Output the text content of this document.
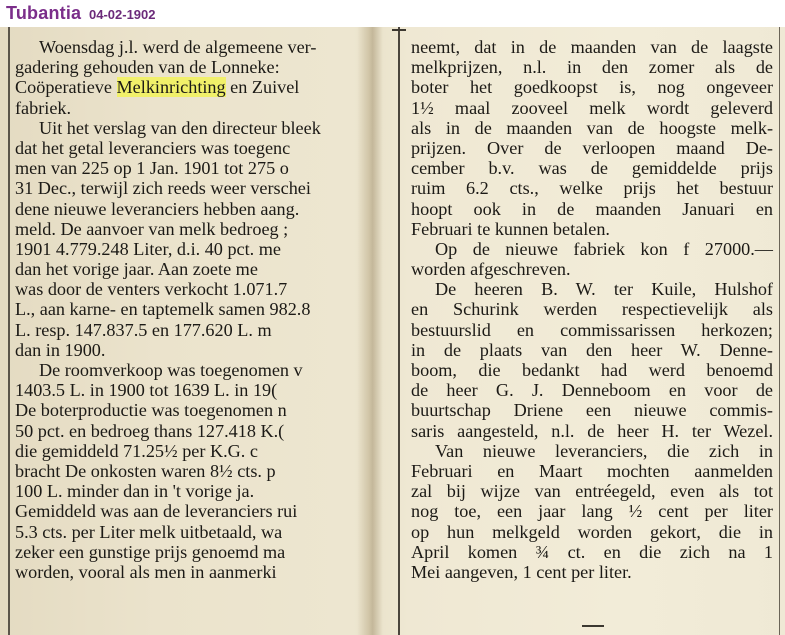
Tubantia 04-02-1902
Woensdag j.l. werd de algemeene ver-
gadering gehouden van de Lonneke:
Coöperatieve Melkinrichting en Zuivel
fabriek.
Uit het verslag van den directeur bleek
dat het getal leveranciers was toegenc
men van 225 op 1 Jan. 1901 tot 275 o
31 Dec., terwijl zich reeds weer verschei
dene nieuwe leveranciers hebben aang.
meld. De aanvoer van melk bedroeg ;
1901 4.779.248 Liter, d.i. 40 pct. me
dan het vorige jaar. Aan zoete me
was door de venters verkocht 1.071.7
L., aan karne- en taptemelk samen 982.8
L. resp. 147.837.5 en 177.620 L. m
dan in 1900.
De roomverkoop was toegenomen v
1403.5 L. in 1900 tot 1639 L. in 19(
De boterproductie was toegenomen n
50 pct. en bedroeg thans 127.418 K.(
die gemiddeld 71.25½ per K.G. c
bracht De onkosten waren 8½ cts. p
100 L. minder dan in 't vorige ja.
Gemiddeld was aan de leveranciers rui
5.3 cts. per Liter melk uitbetaald, wa
zeker een gunstige prijs genoemd ma
worden, vooral als men in aanmerki
neemt, dat in de maanden van de laagste
melkprijzen, n.l. in den zomer als de
boter het goedkoopst is, nog ongeveer
1½ maal zooveel melk wordt geleverd
als in de maanden van de hoogste melk-
prijzen. Over de verloopen maand De-
cember b.v. was de gemiddelde prijs
ruim 6.2 cts., welke prijs het bestuur
hoopt ook in de maanden Januari en
Februari te kunnen betalen.
Op de nieuwe fabriek kon f 27000.—
worden afgeschreven.
De heeren B. W. ter Kuile, Hulshof
en Schurink werden respectievelijk als
bestuurslid en commissarissen herkozen;
in de plaats van den heer W. Denne-
boom, die bedankt had werd benoemd
de heer G. J. Denneboom en voor de
buurtschap Driene een nieuwe commis-
saris aangesteld, n.l. de heer H. ter Wezel.
Van nieuwe leveranciers, die zich in
Februari en Maart mochten aanmelden
zal bij wijze van entréegeld, even als tot
nog toe, een jaar lang ½ cent per liter
op hun melkgeld worden gekort, die in
April komen ¾ ct. en die zich na 1
Mei aangeven, 1 cent per liter.
